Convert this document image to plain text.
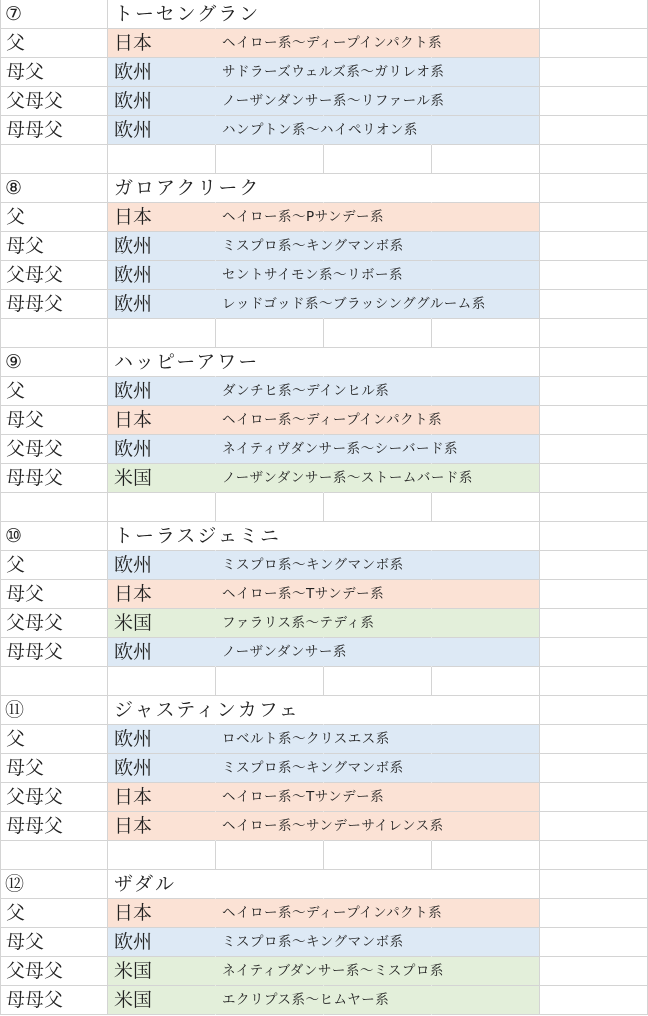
⑦	トーセングラン
父	日本	ヘイロー系〜ディープインパクト系
母父	欧州	サドラーズウェルズ系〜ガリレオ系
父母父	欧州	ノーザンダンサー系〜リファール系
母母父	欧州	ハンプトン系〜ハイペリオン系
⑧	ガロアクリーク
父	日本	ヘイロー系〜Pサンデー系
母父	欧州	ミスプロ系〜キングマンボ系
父母父	欧州	セントサイモン系〜リボー系
母母父	欧州	レッドゴッド系〜ブラッシンググルーム系
⑨	ハッピーアワー
父	欧州	ダンチヒ系〜デインヒル系
母父	日本	ヘイロー系〜ディープインパクト系
父母父	欧州	ネイティヴダンサー系〜シーバード系
母母父	米国	ノーザンダンサー系〜ストームバード系
⑩	トーラスジェミニ
父	欧州	ミスプロ系〜キングマンボ系
母父	日本	ヘイロー系〜Tサンデー系
父母父	米国	ファラリス系〜テディ系
母母父	欧州	ノーザンダンサー系
⑪	ジャスティンカフェ
父	欧州	ロベルト系〜クリスエス系
母父	欧州	ミスプロ系〜キングマンボ系
父母父	日本	ヘイロー系〜Tサンデー系
母母父	日本	ヘイロー系〜サンデーサイレンス系
⑫	ザダル
父	日本	ヘイロー系〜ディープインパクト系
母父	欧州	ミスプロ系〜キングマンボ系
父母父	米国	ネイティブダンサー系〜ミスプロ系
母母父	米国	エクリプス系〜ヒムヤー系
